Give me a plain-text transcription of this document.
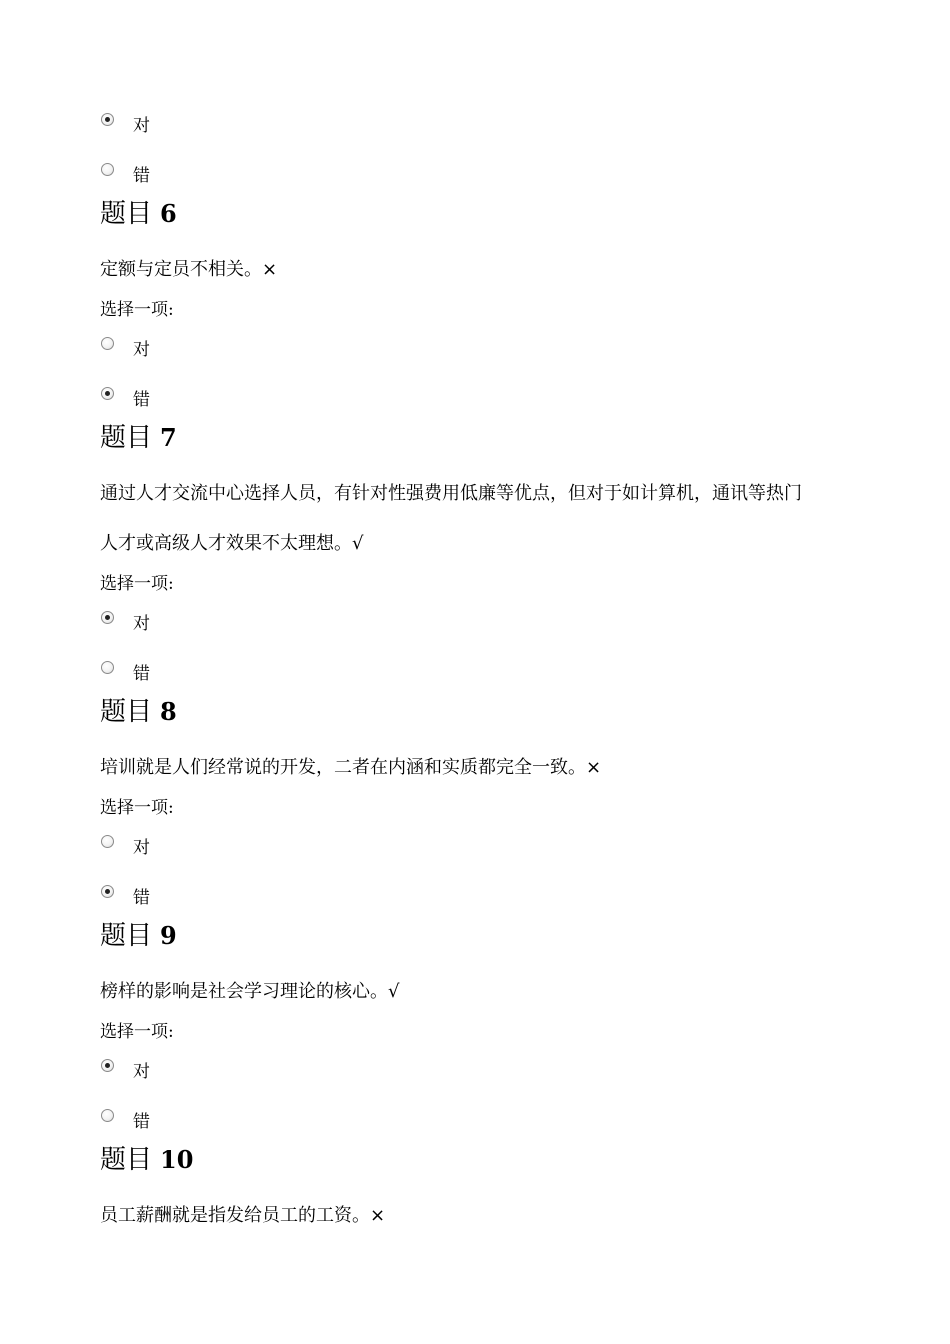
对
错
题目 6
定额与定员不相关。×
选择一项:
对
错
题目 7
通过人才交流中心选择人员，有针对性强费用低廉等优点，但对于如计算机，通讯等热门
人才或高级人才效果不太理想。√
选择一项:
对
错
题目 8
培训就是人们经常说的开发，二者在内涵和实质都完全一致。×
选择一项:
对
错
题目 9
榜样的影响是社会学习理论的核心。√
选择一项:
对
错
题目 10
员工薪酬就是指发给员工的工资。×
